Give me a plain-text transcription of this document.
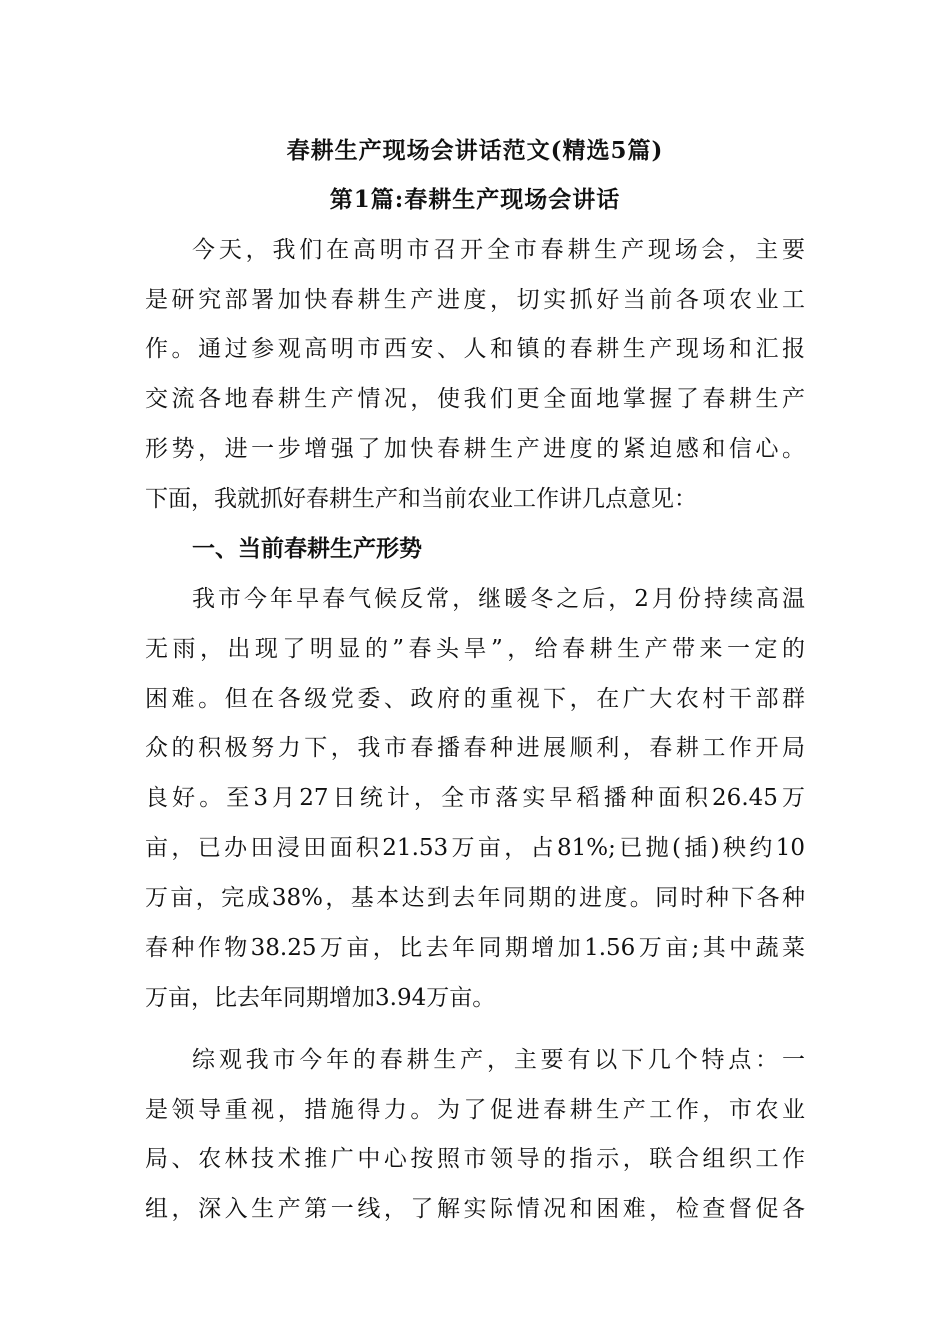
春耕生产现场会讲话范文(精选5篇)
第1篇:春耕生产现场会讲话
今天，我们在高明市召开全市春耕生产现场会，主要
是研究部署加快春耕生产进度，切实抓好当前各项农业工
作。通过参观高明市西安、人和镇的春耕生产现场和汇报
交流各地春耕生产情况，使我们更全面地掌握了春耕生产
形势，进一步增强了加快春耕生产进度的紧迫感和信心。
下面，我就抓好春耕生产和当前农业工作讲几点意见：
一、当前春耕生产形势
我市今年早春气候反常，继暖冬之后，2月份持续高温
无雨，出现了明显的”春头旱”，给春耕生产带来一定的
困难。但在各级党委、政府的重视下，在广大农村干部群
众的积极努力下，我市春播春种进展顺利，春耕工作开局
良好。至3月27日统计，全市落实早稻播种面积26.45万
亩，已办田浸田面积21.53万亩，占81%;已抛(插)秧约10
万亩，完成38%，基本达到去年同期的进度。同时种下各种
春种作物38.25万亩，比去年同期增加1.56万亩;其中蔬菜
万亩，比去年同期增加3.94万亩。
综观我市今年的春耕生产，主要有以下几个特点：一
是领导重视，措施得力。为了促进春耕生产工作，市农业
局、农林技术推广中心按照市领导的指示，联合组织工作
组，深入生产第一线，了解实际情况和困难，检查督促各
